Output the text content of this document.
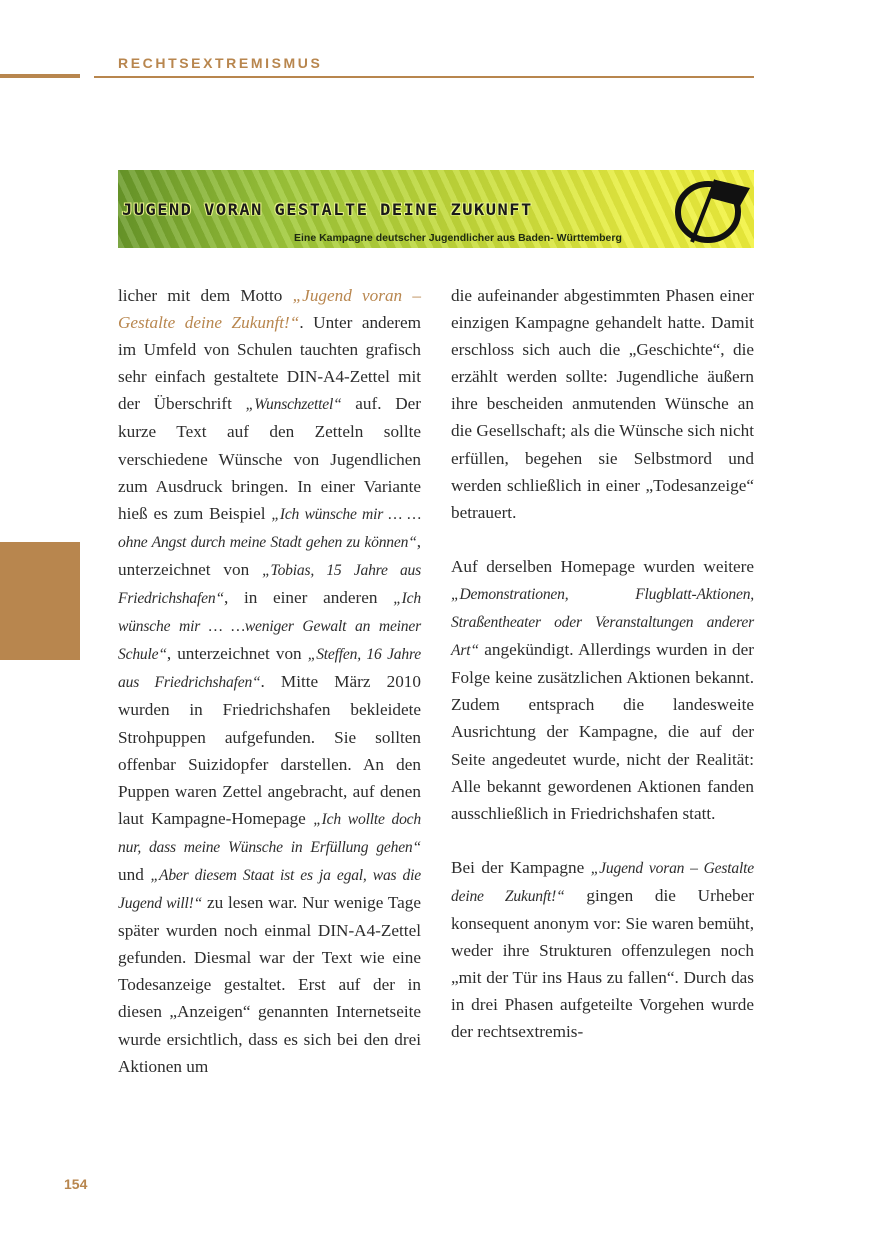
RECHTSEXTREMISMUS
JUGEND VORAN GESTALTE DEINE ZUKUNFT
Eine Kampagne deutscher Jugendlicher aus Baden- Württemberg

licher mit dem Motto „Jugend voran – Gestalte deine Zukunft!“. Unter anderem im Umfeld von Schulen tauchten grafisch sehr einfach gestaltete DIN-A4-Zettel mit der Überschrift „Wunschzettel“ auf. Der kurze Text auf den Zetteln sollte verschiedene Wünsche von Jugendlichen zum Ausdruck bringen. In einer Variante hieß es zum Beispiel „Ich wünsche mir … …ohne Angst durch meine Stadt gehen zu können“, unterzeichnet von „Tobias, 15 Jahre aus Friedrichshafen“, in einer anderen „Ich wünsche mir … …weniger Gewalt an meiner Schule“, unterzeichnet von „Steffen, 16 Jahre aus Friedrichshafen“. Mitte März 2010 wurden in Friedrichshafen bekleidete Strohpuppen aufgefunden. Sie sollten offenbar Suizidopfer darstellen. An den Puppen waren Zettel angebracht, auf denen laut Kampagne-Homepage „Ich wollte doch nur, dass meine Wünsche in Erfüllung gehen“ und „Aber diesem Staat ist es ja egal, was die Jugend will!“ zu lesen war. Nur wenige Tage später wurden noch einmal DIN-A4-Zettel gefunden. Diesmal war der Text wie eine Todesanzeige gestaltet. Erst auf der in diesen „Anzeigen“ genannten Internetseite wurde ersichtlich, dass es sich bei den drei Aktionen um

die aufeinander abgestimmten Phasen einer einzigen Kampagne gehandelt hatte. Damit erschloss sich auch die „Geschichte“, die erzählt werden sollte: Jugendliche äußern ihre bescheiden anmutenden Wünsche an die Gesellschaft; als die Wünsche sich nicht erfüllen, begehen sie Selbstmord und werden schließlich in einer „Todesanzeige“ betrauert.

Auf derselben Homepage wurden weitere „Demonstrationen, Flugblatt-Aktionen, Straßentheater oder Veranstaltungen anderer Art“ angekündigt. Allerdings wurden in der Folge keine zusätzlichen Aktionen bekannt. Zudem entsprach die landesweite Ausrichtung der Kampagne, die auf der Seite angedeutet wurde, nicht der Realität: Alle bekannt gewordenen Aktionen fanden ausschließlich in Friedrichshafen statt.

Bei der Kampagne „Jugend voran – Gestalte deine Zukunft!“ gingen die Urheber konsequent anonym vor: Sie waren bemüht, weder ihre Strukturen offenzulegen noch „mit der Tür ins Haus zu fallen“. Durch das in drei Phasen aufgeteilte Vorgehen wurde der rechtsextremis-

154
